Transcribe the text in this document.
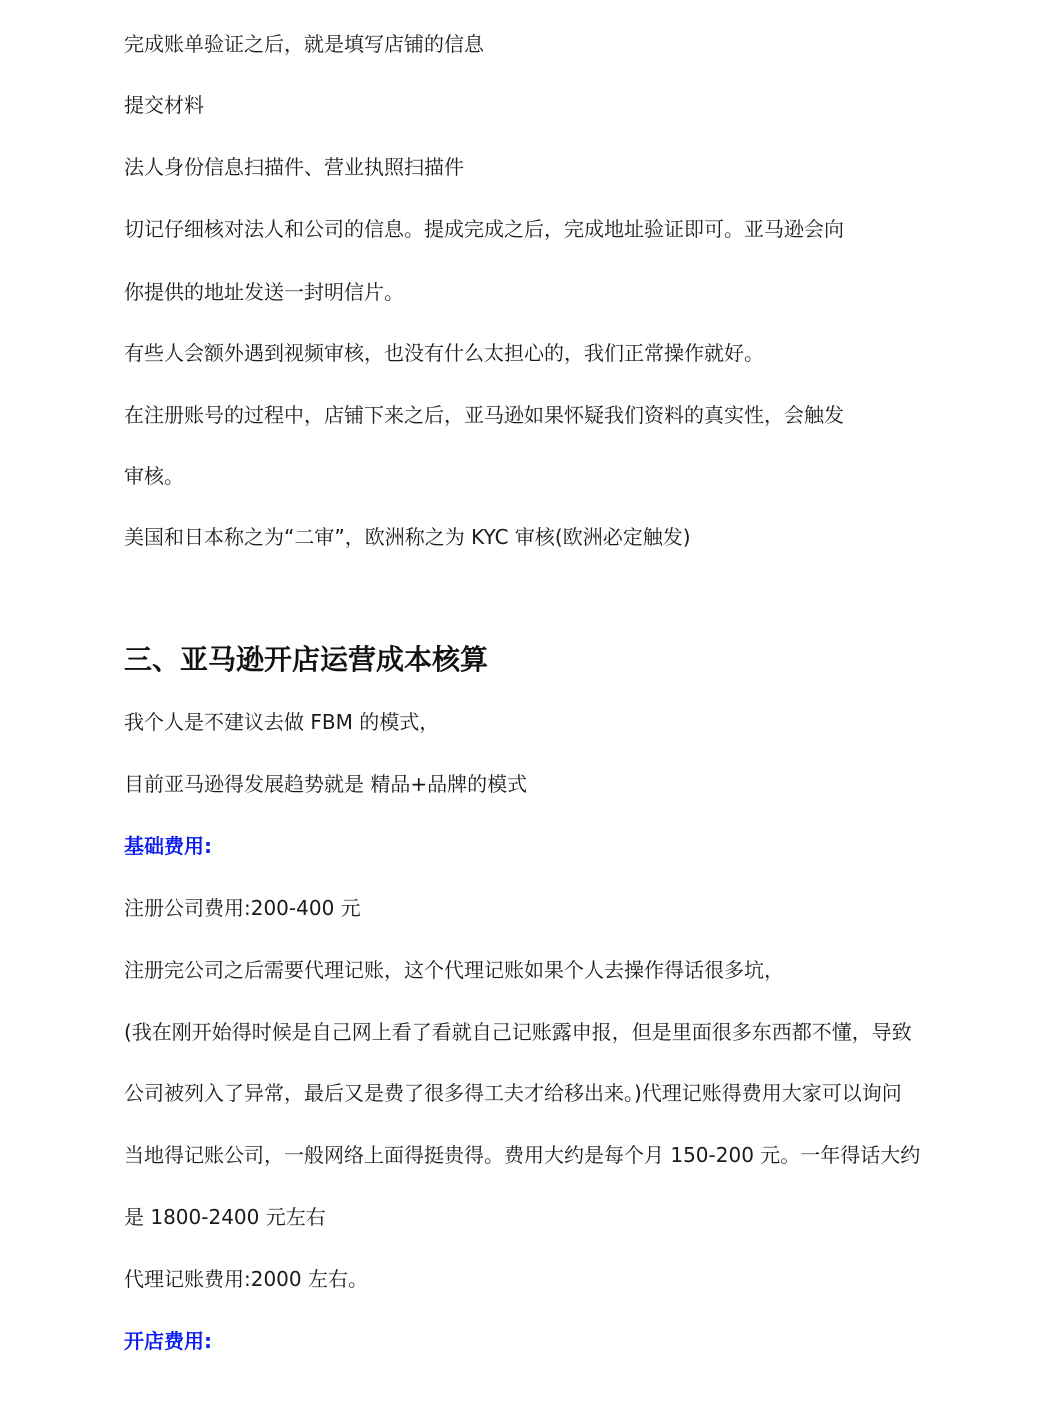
完成账单验证之后，就是填写店铺的信息
提交材料
法人身份信息扫描件、营业执照扫描件
切记仔细核对法人和公司的信息。提成完成之后，完成地址验证即可。亚马逊会向
你提供的地址发送一封明信片。
有些人会额外遇到视频审核，也没有什么太担心的，我们正常操作就好。
在注册账号的过程中，店铺下来之后，亚马逊如果怀疑我们资料的真实性，会触发
审核。
美国和日本称之为“二审”，欧洲称之为 KYC 审核(欧洲必定触发)
三、亚马逊开店运营成本核算
我个人是不建议去做 FBM 的模式，
目前亚马逊得发展趋势就是 精品+品牌的模式
基础费用:
注册公司费用:200-400 元
注册完公司之后需要代理记账，这个代理记账如果个人去操作得话很多坑，
(我在刚开始得时候是自己网上看了看就自己记账露申报，但是里面很多东西都不懂，导致
公司被列入了异常，最后又是费了很多得工夫才给移出来。)代理记账得费用大家可以询问
当地得记账公司，一般网络上面得挺贵得。费用大约是每个月 150-200 元。一年得话大约
是 1800-2400 元左右
代理记账费用:2000 左右。
开店费用:
